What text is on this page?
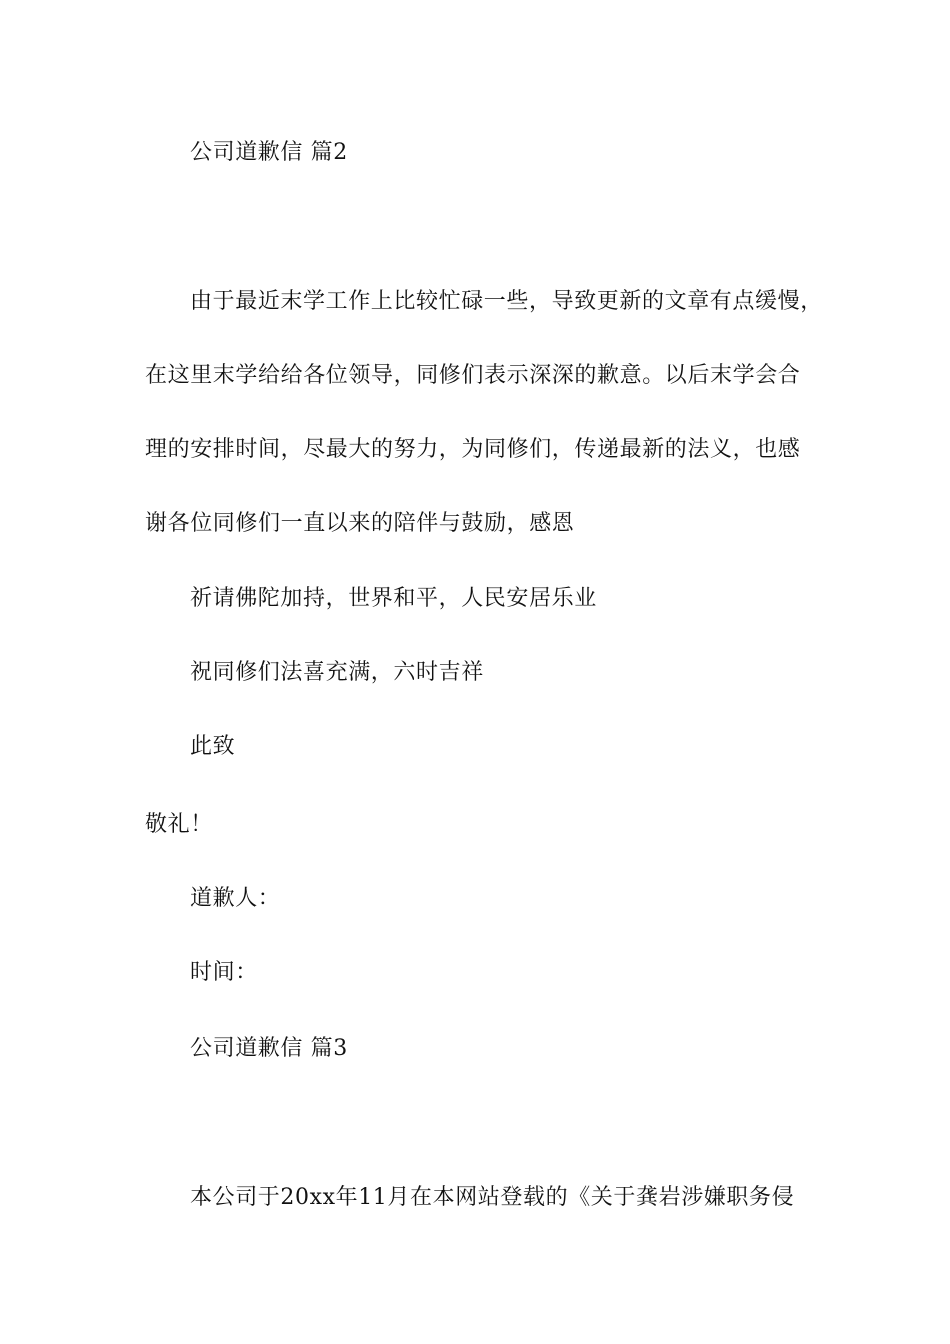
公司道歉信 篇2
由于最近末学工作上比较忙碌一些，导致更新的文章有点缓慢，
在这里末学给给各位领导，同修们表示深深的歉意。以后末学会合
理的安排时间，尽最大的努力，为同修们，传递最新的法义，也感
谢各位同修们一直以来的陪伴与鼓励，感恩
祈请佛陀加持，世界和平，人民安居乐业
祝同修们法喜充满，六时吉祥
此致
敬礼！
道歉人：
时间：
公司道歉信 篇3
本公司于20xx年11月在本网站登载的《关于龚岩涉嫌职务侵
